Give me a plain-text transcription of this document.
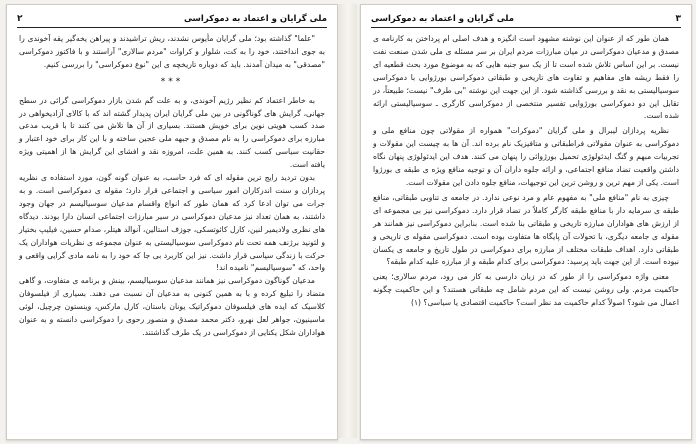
۲	ملی گرایان و اعتماد به دموکراسی

"علما" گذاشته بود؛ ملی گرایان مأیوس نشدند، ریش تراشیدند و پیراهن یخه‌گیر یقه آخوندی را به جوی انداختند، خود را به کت، شلوار و کراوات "مردم سالاری" آراستند و با فاکتور دموکراسی "مصدقی" به میدان آمدند. باید که دوباره تاریخچه ی این "نوع دموکراسی" را بررسی کنیم.

***

به خاطر اعتماد کم نظیر رژیم آخوندی، و به علت گم شدن بازار دموکراسی گرائی در سطح جهانی، گرایش های گوناگونی در بین ملی گرایان ایران پدیدار گشته اند که با کالای آزادیخواهی در صدد کسب هویتی نوین برای خویش هستند. بسیاری از آن ها تلاش می کنند تا با قریب مدعی مبارزه برای دموکراسی را به نام مصدق و جبهه ملی عجین ساخته و با این کار برای خود اعتبار و حقانیت سیاسی کسب کنند. به همین علت، امروزه نقد و افشای این گرایش ها از اهمیتی ویژه یافته است.

بدون تردید رایج ترین مقوله ای که فرد حاسب، به عنوان گونه گون، مورد استفاده ی نظریه پردازان و سنت اندرکاران امور سیاسی و اجتماعی قرار دارد؛ مقوله ی دموکراسی است. و به جرات می توان ادعا کرد که همان طور که انواع واقسام مدعیان سوسیالیسم در جهان وجود داشتند، به همان تعداد نیز مدعیان دموکراسی در سیر مبارزات اجتماعی انسان دارا بودند. دیدگاه های نظری ولادیمیر لنین، کارل کائوتسکی، جوزف استالین، آنوالد هیتلر، صدام حسین، فیلیپ بختیار و لئونید برژنف همه تحت نام دموکراسی سوسیالیستی به عنوان مجموعه ی نظریات هواداران یک حرکت با زندگی سیاسی قرار داشت. نیز این کاربرد بی جا که خود را به نامه مادی گرایی واقعی و واحد، که "سوسیالیسم" نامیده اند!

مدعیان گوناگون دموکراسی نیز همانند مدعیان سوسیالیسم، بینش و برنامه ی متفاوت، و گاهی متضاد را تبلیغ کرده و با به همین کنونی به مدعیان آن نسبت می دهند. بسیاری از فیلسوفان کلاسیک که ایده های فیلسوفان دموکراتیک یونان باستان، کارل مارکس، وینستون چرچیل، لوئی ماسینیون، جواهر لعل نهرو، دکتر محمد مصدق و منصور رحوی را دموکراسی دانسته و به عنوان هواداران شکل یکتایی از دموکراسی در یک طرف گذاشتند.

ملی گرایان و اعتماد به دموکراسی	۳

همان طور که از عنوان این نوشته مشهود است انگیزه و هدف اصلی ام پرداختن به کارنامه ی مصدق و مدعیان دموکراسی در میان مبارزات مردم ایران بر سر مسئله ی ملی شدن صنعت نفت نیست. بر این اساس تلاش شده است تا از یک سو جنبه هایی که به موضوع مورد بحث قطعیه ای را فقط ریشه های مفاهیم و تفاوت های تاریخی و طبقاتی دموکراسی بورژوایی با دموکراسی سوسیالیستی به نقد و بررسی گذاشته شود. از این جهت این نوشته "بی طرف" نیست؛ طبیعتاً، در تقابل این دو دموکراسی بورژوایی تفسیر منتخصی از دموکراسی کارگری ـ سوسیالیستی ارائه شده است.

نظریه پردازان لیبرال و ملی گرایان "دموکرات" همواره از مقولاتی چون منافع ملی و دموکراسی به عنوان مقولاتی فراطبقاتی و متافیزیک نام برده اند. آن ها به چیست این مقولات و تجربیات مبهم و گنگ ایدئولوژی تحمیل بورژوائی را پنهان می کنند. هدف این ایدئولوژی پنهان نگاه داشتن واقعیت تضاد منافع اجتماعی، و ارائه جلوه داران آن و توجیه منافع ویژه ی طبقه ی بورژوا است. یکی از مهم ترین و روشن ترین این توجیهات، منافع جلوه دادن این مقولات است.

چیزی به نام "منافع ملی" به مفهوم عام و مرد نوعی ندارد. در جامعه ی تناوبی طبقاتی، منافع طبقه ی سرمایه دار با منافع طبقه کارگر کاملاً در تضاد قرار دارد. دموکراسی نیز بی مجموعه ای از ارزش های هواداران مبارزه تاریخی و طبقاتی بنا شده است. بنابراین دموکراسی نیز همانند هر مقوله ی جامعه دیگری، با تحولات آن پایگاه ها متفاوت بوده است. دموکراسی مقوله ی تاریخی و طبقاتی دارد. اهداف طبقات مختلف از مبارزه برای دموکراسی در طول تاریخ و جامعه ی یکسان نبوده است. از این جهت باید پرسید: دموکراسی برای کدام طبقه و از مبارزه علیه کدام طبقه؟

معنی واژه دموکراسی را از طور که در زبان دارسی به کار می رود، مردم سالاری؛ یعنی حاکمیت مردم. ولی روشن نیست که این مردم شامل چه طبقاتی هستند؟ و این حاکمیت چگونه اعمال می شود؟ اصولاً کدام حاکمیت مد نظر است؟ حاکمیت اقتصادی یا سیاسی؟ (۱)
